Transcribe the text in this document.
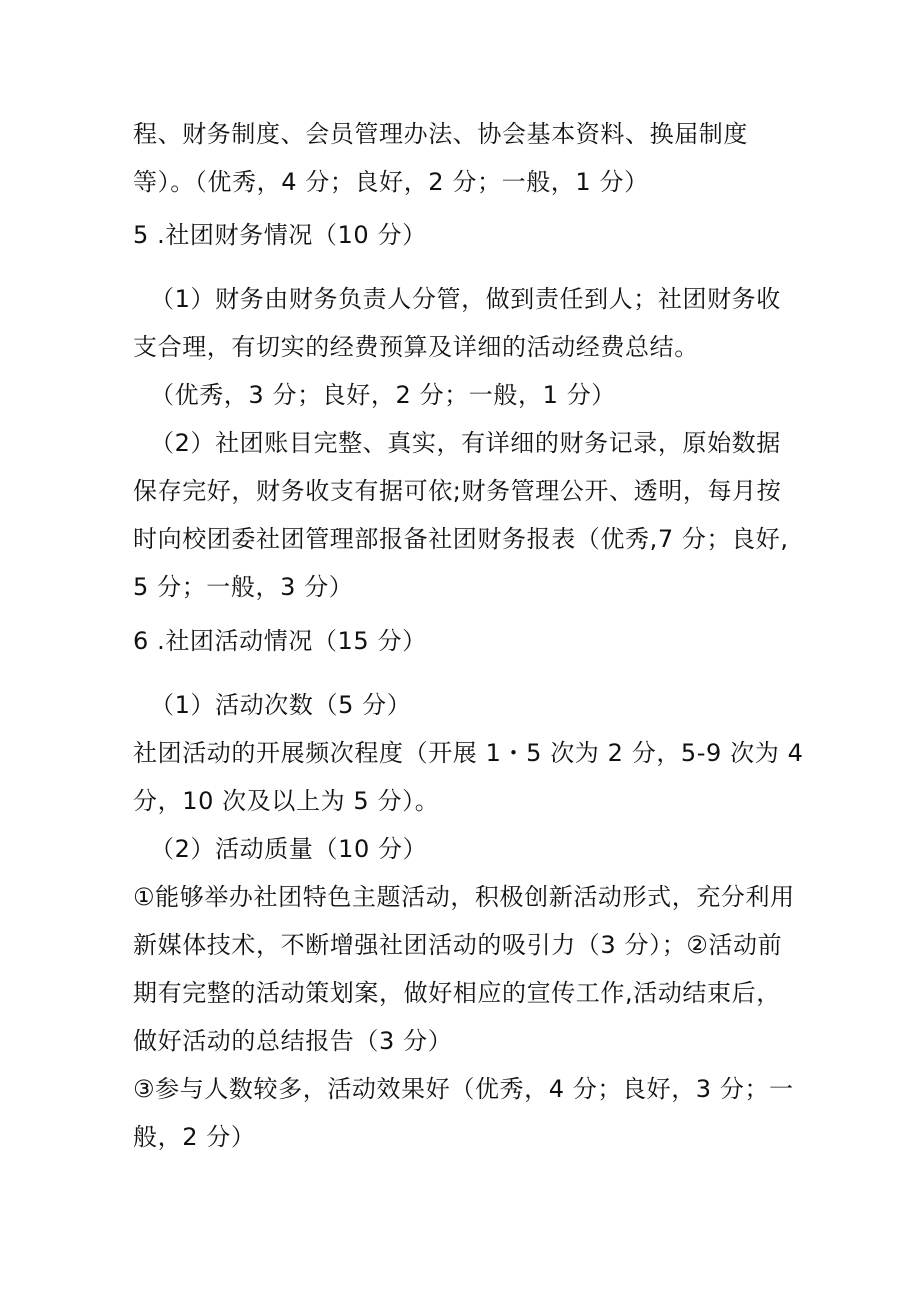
程、财务制度、会员管理办法、协会基本资料、换届制度
等）。（优秀，4 分；良好，2 分；一般，1 分）
5 .社团财务情况（10 分）
（1）财务由财务负责人分管，做到责任到人；社团财务收
支合理，有切实的经费预算及详细的活动经费总结。
（优秀，3 分；良好，2 分；一般，1 分）
（2）社团账目完整、真实，有详细的财务记录，原始数据
保存完好，财务收支有据可依;财务管理公开、透明，每月按
时向校团委社团管理部报备社团财务报表（优秀,7 分；良好,
5 分；一般，3 分）
6 .社团活动情况（15 分）
（1）活动次数（5 分）
社团活动的开展频次程度（开展 1・5 次为 2 分，5-9 次为 4
分，10 次及以上为 5 分）。
（2）活动质量（10 分）
①能够举办社团特色主题活动，积极创新活动形式，充分利用
新媒体技术，不断增强社团活动的吸引力（3 分）；②活动前
期有完整的活动策划案，做好相应的宣传工作,活动结束后，
做好活动的总结报告（3 分）
③参与人数较多，活动效果好（优秀，4 分；良好，3 分；一
般，2 分）
